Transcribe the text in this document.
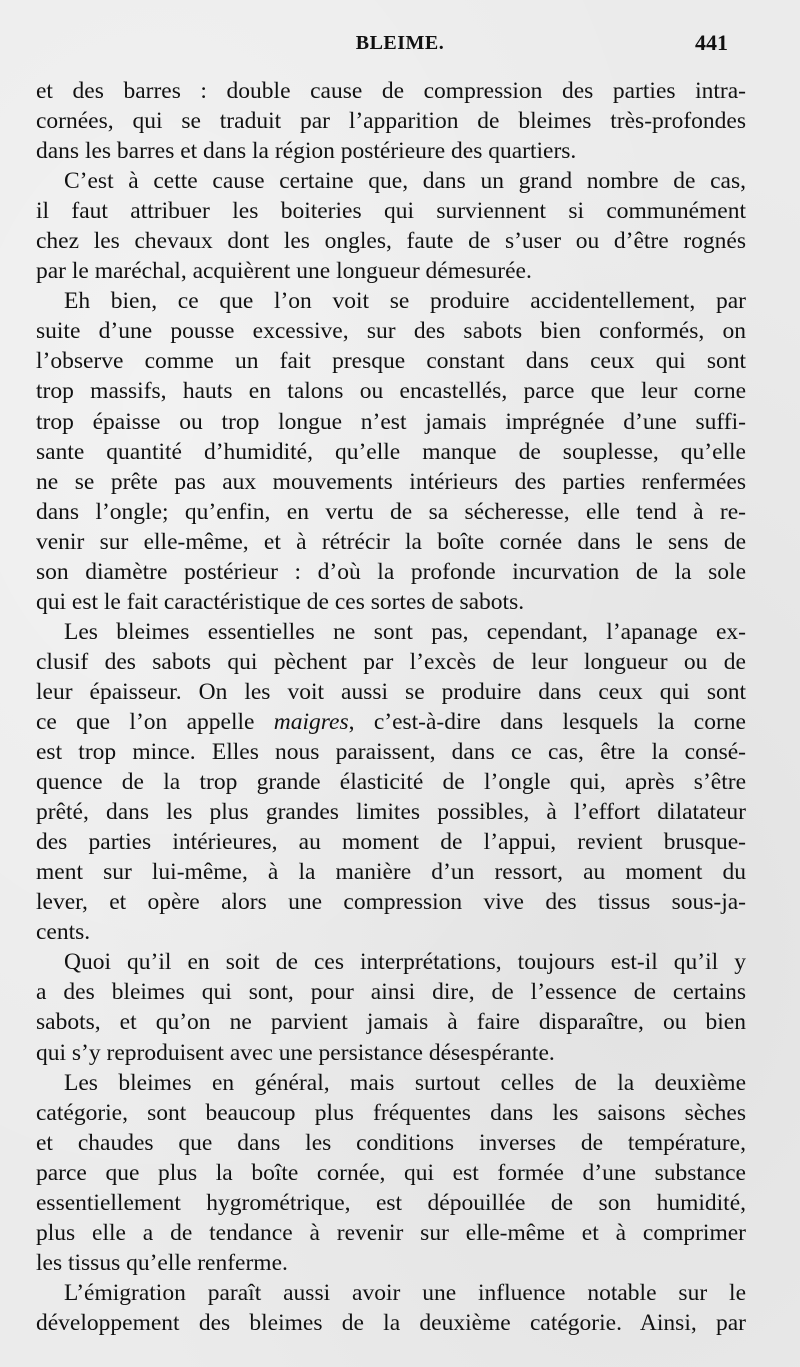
BLEIME.	441
et des barres : double cause de compression des parties intra-
cornées, qui se traduit par l’apparition de bleimes très-profondes
dans les barres et dans la région postérieure des quartiers.
C’est à cette cause certaine que, dans un grand nombre de cas,
il faut attribuer les boiteries qui surviennent si communément
chez les chevaux dont les ongles, faute de s’user ou d’être rognés
par le maréchal, acquièrent une longueur démesurée.
Eh bien, ce que l’on voit se produire accidentellement, par
suite d’une pousse excessive, sur des sabots bien conformés, on
l’observe comme un fait presque constant dans ceux qui sont
trop massifs, hauts en talons ou encastellés, parce que leur corne
trop épaisse ou trop longue n’est jamais imprégnée d’une suffi-
sante quantité d’humidité, qu’elle manque de souplesse, qu’elle
ne se prête pas aux mouvements intérieurs des parties renfermées
dans l’ongle; qu’enfin, en vertu de sa sécheresse, elle tend à re-
venir sur elle-même, et à rétrécir la boîte cornée dans le sens de
son diamètre postérieur : d’où la profonde incurvation de la sole
qui est le fait caractéristique de ces sortes de sabots.
Les bleimes essentielles ne sont pas, cependant, l’apanage ex-
clusif des sabots qui pèchent par l’excès de leur longueur ou de
leur épaisseur. On les voit aussi se produire dans ceux qui sont
ce que l’on appelle maigres, c’est-à-dire dans lesquels la corne
est trop mince. Elles nous paraissent, dans ce cas, être la consé-
quence de la trop grande élasticité de l’ongle qui, après s’être
prêté, dans les plus grandes limites possibles, à l’effort dilatateur
des parties intérieures, au moment de l’appui, revient brusque-
ment sur lui-même, à la manière d’un ressort, au moment du
lever, et opère alors une compression vive des tissus sous-ja-
cents.
Quoi qu’il en soit de ces interprétations, toujours est-il qu’il y
a des bleimes qui sont, pour ainsi dire, de l’essence de certains
sabots, et qu’on ne parvient jamais à faire disparaître, ou bien
qui s’y reproduisent avec une persistance désespérante.
Les bleimes en général, mais surtout celles de la deuxième
catégorie, sont beaucoup plus fréquentes dans les saisons sèches
et chaudes que dans les conditions inverses de température,
parce que plus la boîte cornée, qui est formée d’une substance
essentiellement hygrométrique, est dépouillée de son humidité,
plus elle a de tendance à revenir sur elle-même et à comprimer
les tissus qu’elle renferme.
L’émigration paraît aussi avoir une influence notable sur le
développement des bleimes de la deuxième catégorie. Ainsi, par
